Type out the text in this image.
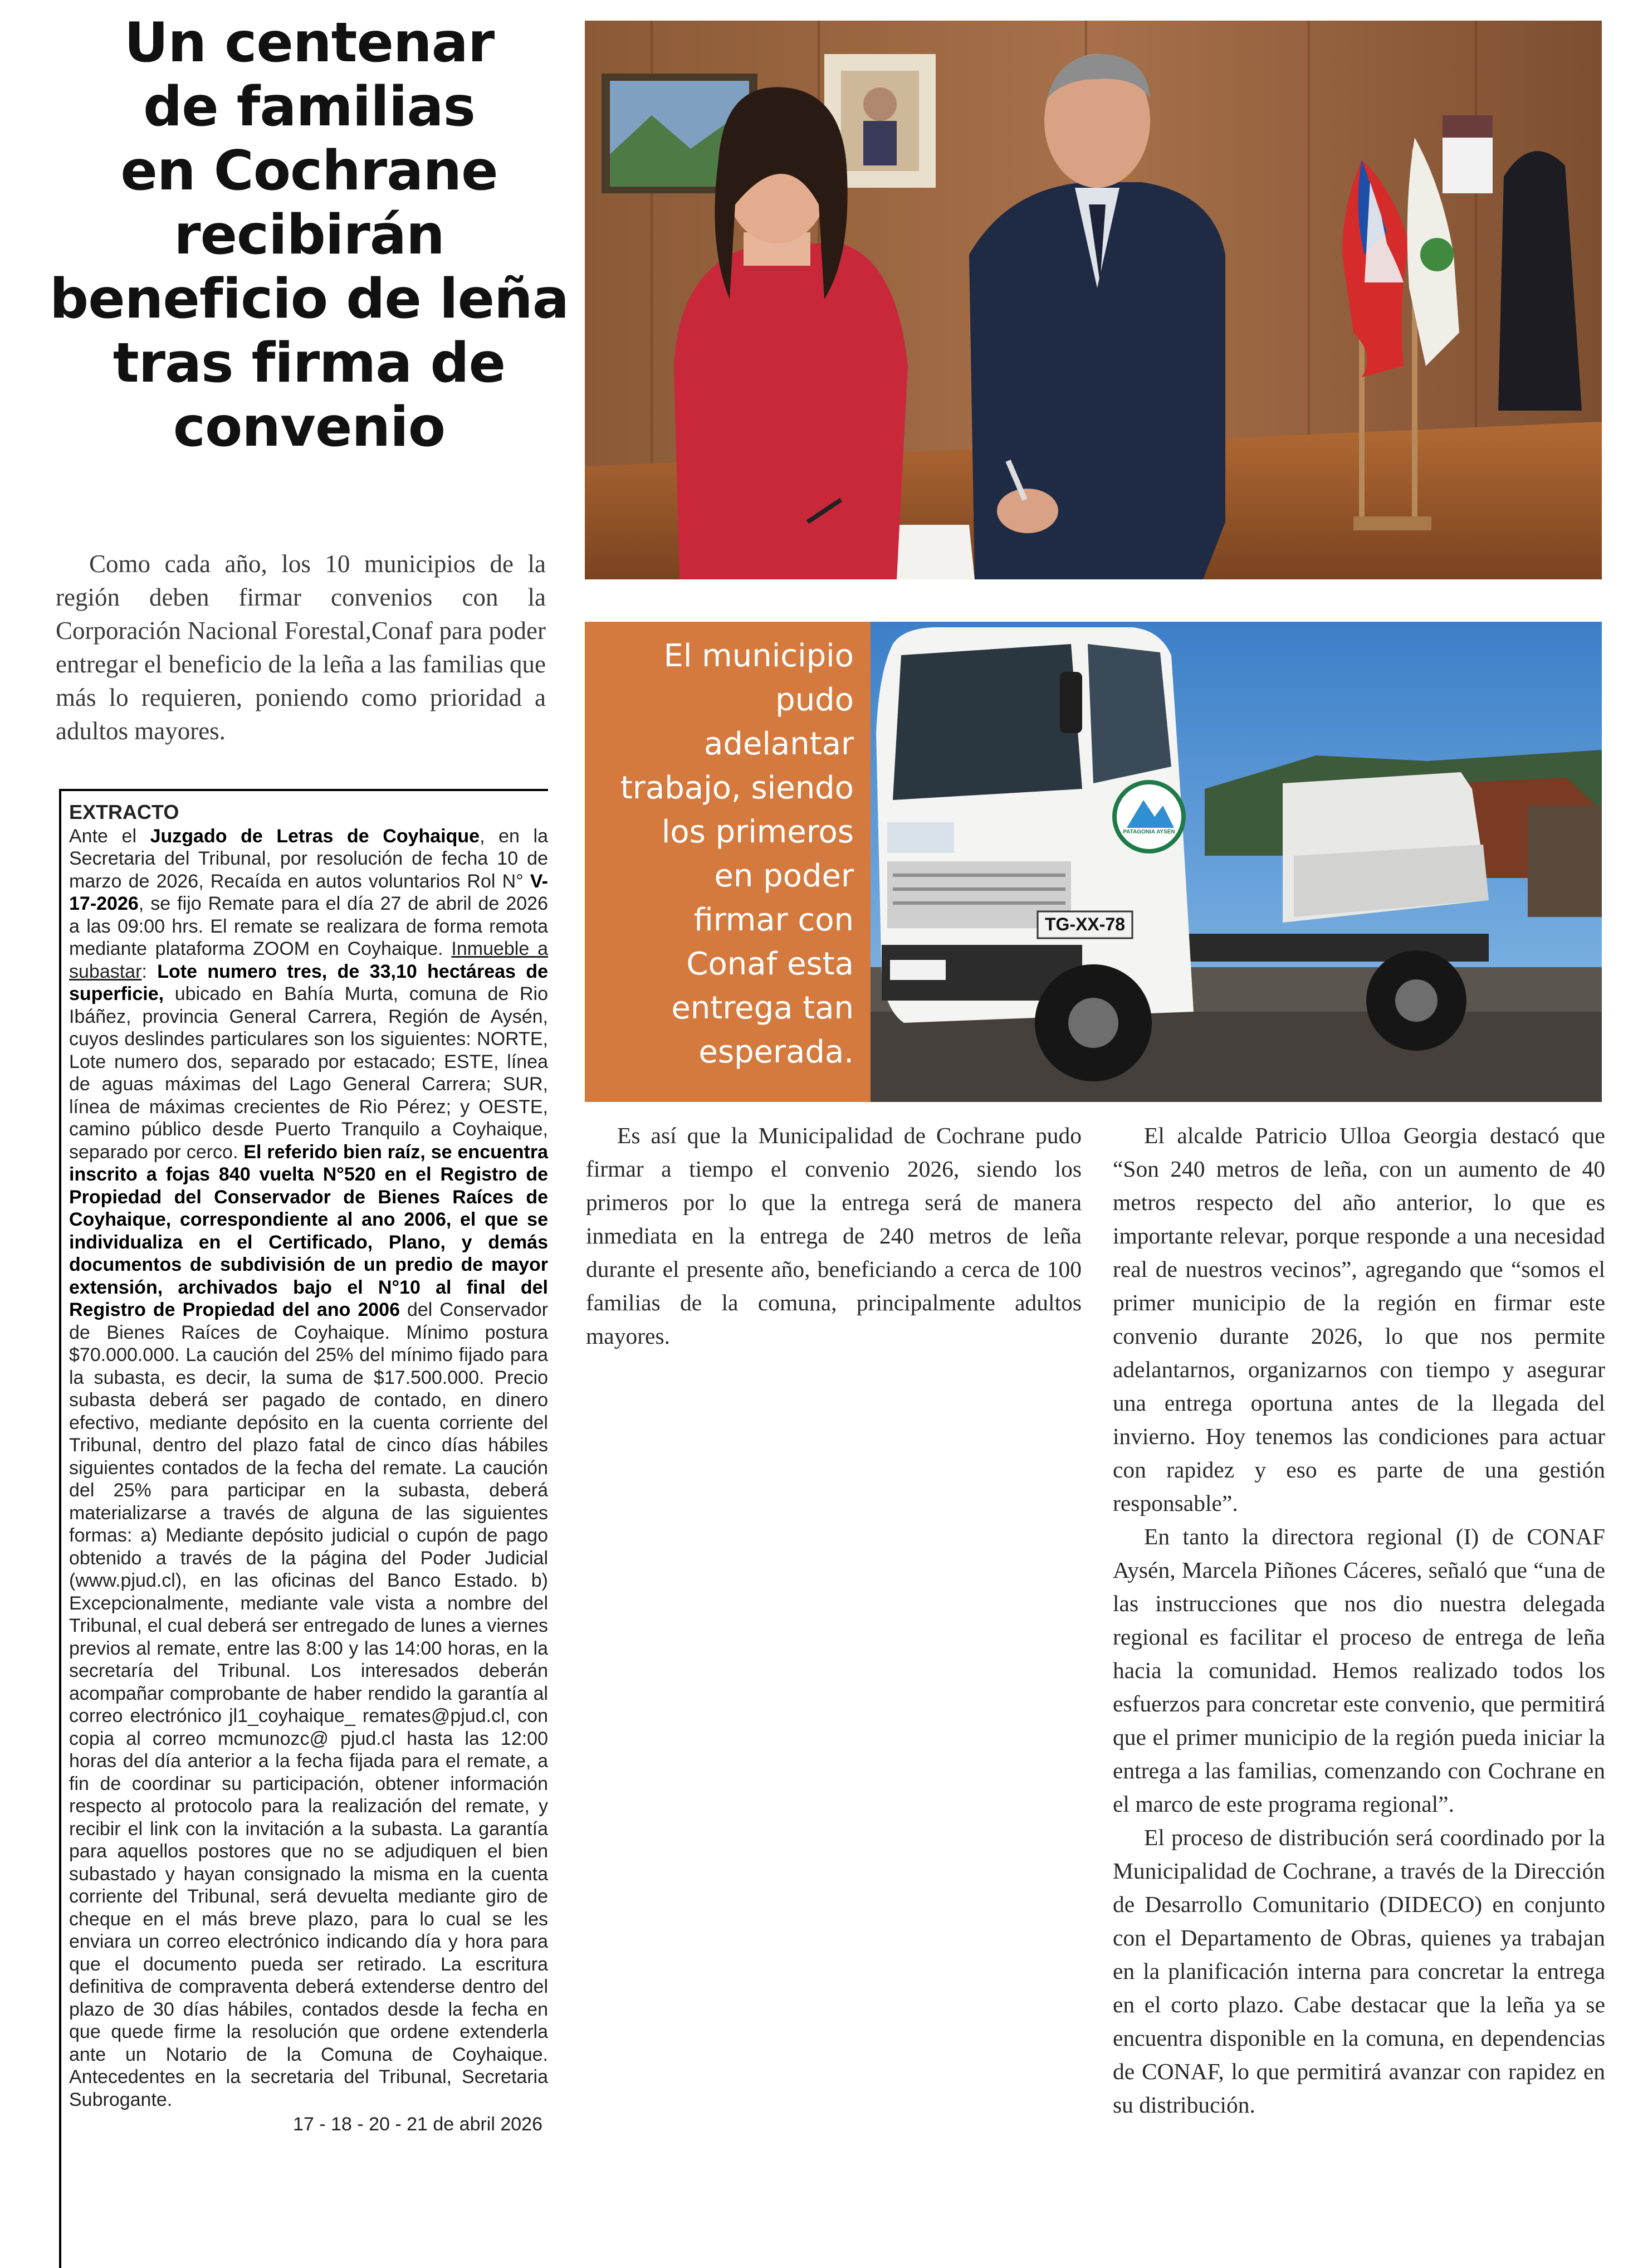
Un centenar
de familias
en Cochrane
recibirán
beneficio de leña
tras firma de
convenio

Como cada año, los 10 municipios de la región deben firmar convenios con la Corporación Nacional Forestal,Conaf para poder entregar el beneficio de la leña a las familias que más lo requieren, poniendo como prioridad a adultos mayores.

EXTRACTO

Ante el Juzgado de Letras de Coyhaique, en la Secretaria del Tribunal, por resolución de fecha 10 de marzo de 2026, Recaída en autos voluntarios Rol N° V-17-2026, se fijo Remate para el día 27 de abril de 2026 a las 09:00 hrs. El remate se realizara de forma remota mediante plataforma ZOOM en Coyhaique. Inmueble a subastar: Lote numero tres, de 33,10 hectáreas de superficie, ubicado en Bahía Murta, comuna de Rio Ibáñez, provincia General Carrera, Región de Aysén, cuyos deslindes particulares son los siguientes: NORTE, Lote numero dos, separado por estacado; ESTE, línea de aguas máximas del Lago General Carrera; SUR, línea de máximas crecientes de Rio Pérez; y OESTE, camino público desde Puerto Tranquilo a Coyhaique, separado por cerco. El referido bien raíz, se encuentra inscrito a fojas 840 vuelta N°520 en el Registro de Propiedad del Conservador de Bienes Raíces de Coyhaique, correspondiente al ano 2006, el que se individualiza en el Certificado, Plano, y demás documentos de subdivisión de un predio de mayor extensión, archivados bajo el N°10 al final del Registro de Propiedad del ano 2006 del Conservador de Bienes Raíces de Coyhaique. Mínimo postura $70.000.000. La caución del 25% del mínimo fijado para la subasta, es decir, la suma de $17.500.000. Precio subasta deberá ser pagado de contado, en dinero efectivo, mediante depósito en la cuenta corriente del Tribunal, dentro del plazo fatal de cinco días hábiles siguientes contados de la fecha del remate. La caución del 25% para participar en la subasta, deberá materializarse a través de alguna de las siguientes formas: a) Mediante depósito judicial o cupón de pago obtenido a través de la página del Poder Judicial (www.pjud.cl), en las oficinas del Banco Estado. b) Excepcionalmente, mediante vale vista a nombre del Tribunal, el cual deberá ser entregado de lunes a viernes previos al remate, entre las 8:00 y las 14:00 horas, en la secretaría del Tribunal. Los interesados deberán acompañar comprobante de haber rendido la garantía al correo electrónico jl1_coyhaique_ remates@pjud.cl, con copia al correo mcmunozc@ pjud.cl hasta las 12:00 horas del día anterior a la fecha fijada para el remate, a fin de coordinar su participación, obtener información respecto al protocolo para la realización del remate, y recibir el link con la invitación a la subasta. La garantía para aquellos postores que no se adjudiquen el bien subastado y hayan consignado la misma en la cuenta corriente del Tribunal, será devuelta mediante giro de cheque en el más breve plazo, para lo cual se les enviara un correo electrónico indicando día y hora para que el documento pueda ser retirado. La escritura definitiva de compraventa deberá extenderse dentro del plazo de 30 días hábiles, contados desde la fecha en que quede firme la resolución que ordene extenderla ante un Notario de la Comuna de Coyhaique. Antecedentes en la secretaria del Tribunal, Secretaria Subrogante.

17 - 18 - 20 - 21 de abril 2026
El municipio
pudo
adelantar
trabajo, siendo
los primeros
en poder
firmar con
Conaf esta
entrega tan
esperada.
TG-XX-78
PATAGONIA AYSÉN

Es así que la Municipalidad de Cochrane pudo firmar a tiempo el convenio 2026, siendo los primeros por lo que la entrega será de manera inmediata en la entrega de 240 metros de leña durante el presente año, beneficiando a cerca de 100 familias de la comuna, principalmente adultos mayores.

El alcalde Patricio Ulloa Georgia destacó que “Son 240 metros de leña, con un aumento de 40 metros respecto del año anterior, lo que es importante relevar, porque responde a una necesidad real de nuestros vecinos”, agregando que “somos el primer municipio de la región en firmar este convenio durante 2026, lo que nos permite adelantarnos, organizarnos con tiempo y asegurar una entrega oportuna antes de la llegada del invierno. Hoy tenemos las condiciones para actuar con rapidez y eso es parte de una gestión responsable”.

En tanto la directora regional (I) de CONAF Aysén, Marcela Piñones Cáceres, señaló que “una de las instrucciones que nos dio nuestra delegada regional es facilitar el proceso de entrega de leña hacia la comunidad. Hemos realizado todos los esfuerzos para concretar este convenio, que permitirá que el primer municipio de la región pueda iniciar la entrega a las familias, comenzando con Cochrane en el marco de este programa regional”.

El proceso de distribución será coordinado por la Municipalidad de Cochrane, a través de la Dirección de Desarrollo Comunitario (DIDECO) en conjunto con el Departamento de Obras, quienes ya trabajan en la planificación interna para concretar la entrega en el corto plazo. Cabe destacar que la leña ya se encuentra disponible en la comuna, en dependencias de CONAF, lo que permitirá avanzar con rapidez en su distribución.
